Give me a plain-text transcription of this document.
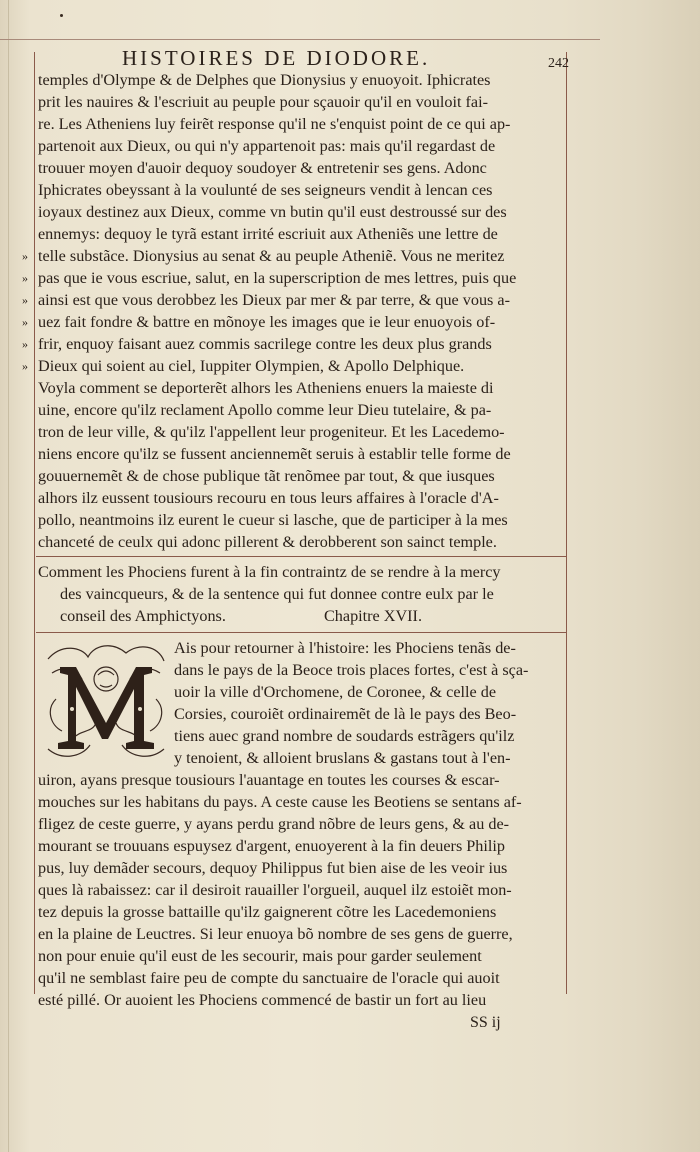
HISTOIRES DE DIODORE.	242
temples d'Olympe & de Delphes que Dionysius y enuoyoit. Iphicrates
prit les nauires & l'escriuit au peuple pour sçauoir qu'il en vouloit fai-
re. Les Atheniens luy feirẽt response qu'il ne s'enquist point de ce qui ap-
partenoit aux Dieux, ou qui n'y appartenoit pas: mais qu'il regardast de
trouuer moyen d'auoir dequoy soudoyer & entretenir ses gens. Adonc
Iphicrates obeyssant à la voulunté de ses seigneurs vendit à lencan ces
ioyaux destinez aux Dieux, comme vn butin qu'il eust destroussé sur des
ennemys: dequoy le tyrã estant irrité escriuit aux Atheniẽs une lettre de
telle substãce. Dionysius au senat & au peuple Atheniẽ. Vous ne meritez
pas que ie vous escriue, salut, en la superscription de mes lettres, puis que
ainsi est que vous derobbez les Dieux par mer & par terre, & que vous a-
uez fait fondre & battre en mõnoye les images que ie leur enuoyois of-
frir, enquoy faisant auez commis sacrilege contre les deux plus grands
Dieux qui soient au ciel, Iuppiter Olympien, & Apollo Delphique.
Voyla comment se deporterẽt alhors les Atheniens enuers la maieste di
uine, encore qu'ilz reclament Apollo comme leur Dieu tutelaire, & pa-
tron de leur ville, & qu'ilz l'appellent leur progeniteur. Et les Lacedemo-
niens encore qu'ilz se fussent anciennemẽt seruis à establir telle forme de
gouuernemẽt & de chose publique tãt renõmee par tout, & que iusques
alhors ilz eussent tousiours recouru en tous leurs affaires à l'oracle d'A-
pollo, neantmoins ilz eurent le cueur si lasche, que de participer à la mes
chanceté de ceulx qui adonc pillerent & derobberent son sainct temple.
»
»
»
»
»
»
Comment les Phociens furent à la fin contraintz de se rendre à la mercy
des vaincqueurs, & de la sentence qui fut donnee contre eulx par le
conseil des Amphictyons.	Chapitre XVII.
M	Ais pour retourner à l'histoire: les Phociens tenãs de-
dans le pays de la Beoce trois places fortes, c'est à sça-
uoir la ville d'Orchomene, de Coronee, & celle de
Corsies, couroiẽt ordinairemẽt de là le pays des Beo-
tiens auec grand nombre de soudards estrãgers qu'ilz
y tenoient, & alloient bruslans & gastans tout à l'en-
uiron, ayans presque tousiours l'auantage en toutes les courses & escar-
mouches sur les habitans du pays. A ceste cause les Beotiens se sentans af-
fligez de ceste guerre, y ayans perdu grand nõbre de leurs gens, & au de-
mourant se trouuans espuysez d'argent, enuoyerent à la fin deuers Philip
pus, luy demãder secours, dequoy Philippus fut bien aise de les veoir ius
ques là rabaissez: car il desiroit rauailler l'orgueil, auquel ilz estoiẽt mon-
tez depuis la grosse battaille qu'ilz gaignerent cõtre les Lacedemoniens
en la plaine de Leuctres. Si leur enuoya bõ nombre de ses gens de guerre,
non pour enuie qu'il eust de les secourir, mais pour garder seulement
qu'il ne semblast faire peu de compte du sanctuaire de l'oracle qui auoit
esté pillé. Or auoient les Phociens commencé de bastir un fort au lieu
SS ij
